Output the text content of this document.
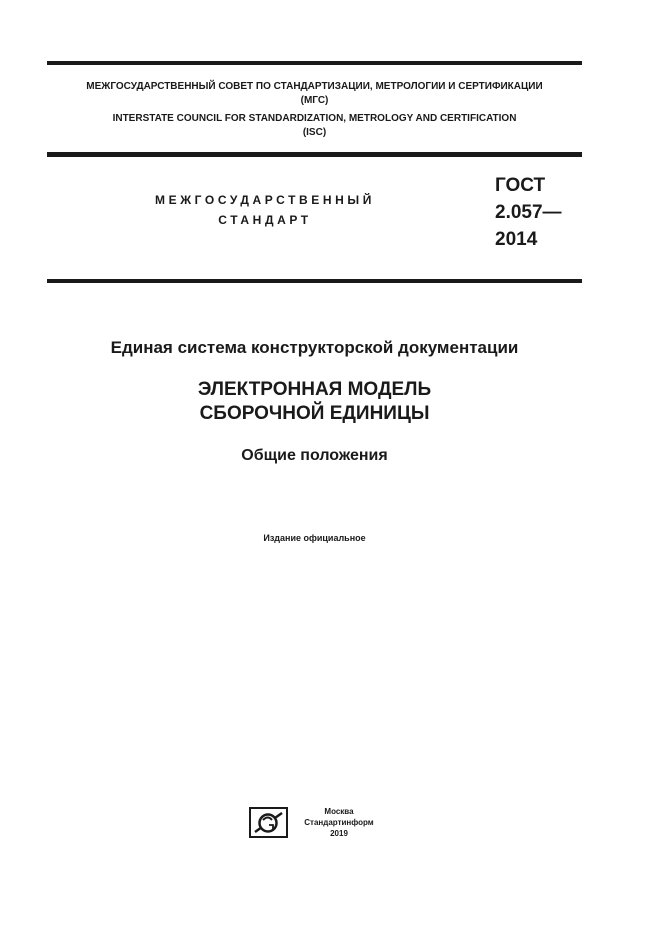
МЕЖГОСУДАРСТВЕННЫЙ СОВЕТ ПО СТАНДАРТИЗАЦИИ, МЕТРОЛОГИИ И СЕРТИФИКАЦИИ
(МГС)
INTERSTATE COUNCIL FOR STANDARDIZATION, METROLOGY AND CERTIFICATION
(ISC)
МЕЖГОСУДАРСТВЕННЫЙ
СТАНДАРТ
ГОСТ
2.057—
2014
Единая система конструкторской документации
ЭЛЕКТРОННАЯ МОДЕЛЬ
СБОРОЧНОЙ ЕДИНИЦЫ
Общие положения
Издание официальное
Москва
Стандартинформ
2019
